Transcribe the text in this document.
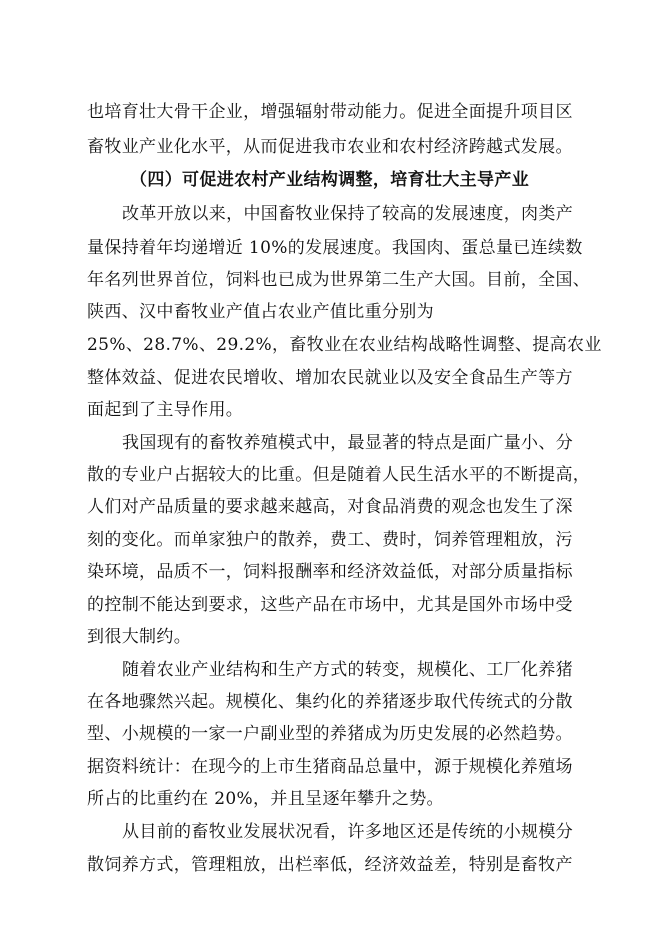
也培育壮大骨干企业，增强辐射带动能力。促进全面提升项目区
畜牧业产业化水平，从而促进我市农业和农村经济跨越式发展。
（四）可促进农村产业结构调整，培育壮大主导产业
改革开放以来，中国畜牧业保持了较高的发展速度，肉类产
量保持着年均递增近 10%的发展速度。我国肉、蛋总量已连续数
年名列世界首位，饲料也已成为世界第二生产大国。目前，全国、
陕西、汉中畜牧业产值占农业产值比重分别为
25%、28.7%、29.2%，畜牧业在农业结构战略性调整、提高农业
整体效益、促进农民增收、增加农民就业以及安全食品生产等方
面起到了主导作用。
我国现有的畜牧养殖模式中，最显著的特点是面广量小、分
散的专业户占据较大的比重。但是随着人民生活水平的不断提高，
人们对产品质量的要求越来越高，对食品消费的观念也发生了深
刻的变化。而单家独户的散养，费工、费时，饲养管理粗放，污
染环境，品质不一，饲料报酬率和经济效益低，对部分质量指标
的控制不能达到要求，这些产品在市场中，尤其是国外市场中受
到很大制约。
随着农业产业结构和生产方式的转变，规模化、工厂化养猪
在各地骤然兴起。规模化、集约化的养猪逐步取代传统式的分散
型、小规模的一家一户副业型的养猪成为历史发展的必然趋势。
据资料统计：在现今的上市生猪商品总量中，源于规模化养殖场
所占的比重约在 20%，并且呈逐年攀升之势。
从目前的畜牧业发展状况看，许多地区还是传统的小规模分
散饲养方式，管理粗放，出栏率低，经济效益差，特别是畜牧产
